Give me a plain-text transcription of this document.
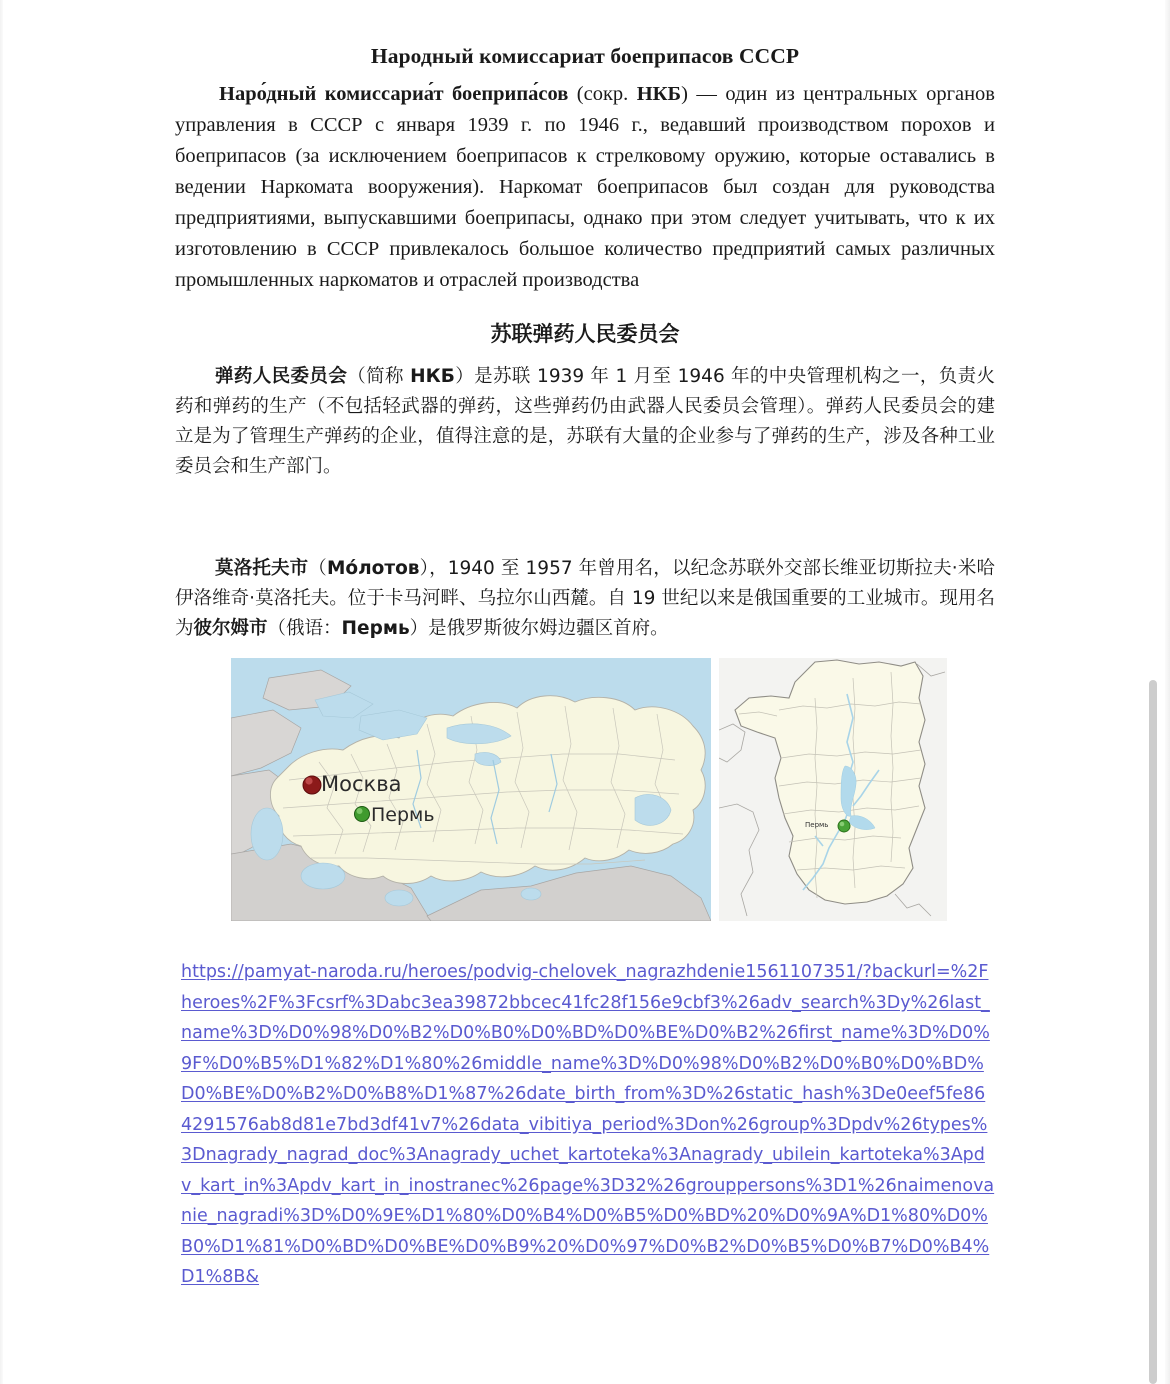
Народный комиссариат боеприпасов СССР

Наро́дный комиссариа́т боеприпа́сов (сокр. НКБ) — один из центральных органов управления в СССР с января 1939 г. по 1946 г., ведавший производством порохов и боеприпасов (за исключением боеприпасов к стрелковому оружию, которые оставались в ведении Наркомата вооружения). Наркомат боеприпасов был создан для руководства предприятиями, выпускавшими боеприпасы, однако при этом следует учитывать, что к их изготовлению в СССР привлекалось большое количество предприятий самых различных промышленных наркоматов и отраслей производства

苏联弹药人民委员会

弹药人民委员会（简称 НКБ）是苏联 1939 年 1 月至 1946 年的中央管理机构之一，负责火药和弹药的生产（不包括轻武器的弹药，这些弹药仍由武器人民委员会管理）。弹药人民委员会的建立是为了管理生产弹药的企业，值得注意的是，苏联有大量的企业参与了弹药的生产，涉及各种工业委员会和生产部门。

莫洛托夫市（Мо́лотов），1940 至 1957 年曾用名，以纪念苏联外交部长维亚切斯拉夫·米哈伊洛维奇·莫洛托夫。位于卡马河畔、乌拉尔山西麓。自 19 世纪以来是俄国重要的工业城市。现用名为彼尔姆市（俄语：Пермь）是俄罗斯彼尔姆边疆区首府。

Москва
Пермь	Пермь
https://pamyat-naroda.ru/heroes/podvig-chelovek_nagrazhdenie1561107351/?backurl=%2Fheroes%2F%3Fcsrf%3Dabc3ea39872bbcec41fc28f156e9cbf3%26adv_search%3Dy%26last_name%3D%D0%98%D0%B2%D0%B0%D0%BD%D0%BE%D0%B2%26first_name%3D%D0%9F%D0%B5%D1%82%D1%80%26middle_name%3D%D0%98%D0%B2%D0%B0%D0%BD%D0%BE%D0%B2%D0%B8%D1%87%26date_birth_from%3D%26static_hash%3De0eef5fe864291576ab8d81e7bd3df41v7%26data_vibitiya_period%3Don%26group%3Dpdv%26types%3Dnagrady_nagrad_doc%3Anagrady_uchet_kartoteka%3Anagrady_ubilein_kartoteka%3Apdv_kart_in%3Apdv_kart_in_inostranec%26page%3D32%26grouppersons%3D1%26naimenovanie_nagradi%3D%D0%9E%D1%80%D0%B4%D0%B5%D0%BD%20%D0%9A%D1%80%D0%B0%D1%81%D0%BD%D0%BE%D0%B9%20%D0%97%D0%B2%D0%B5%D0%B7%D0%B4%D1%8B&
